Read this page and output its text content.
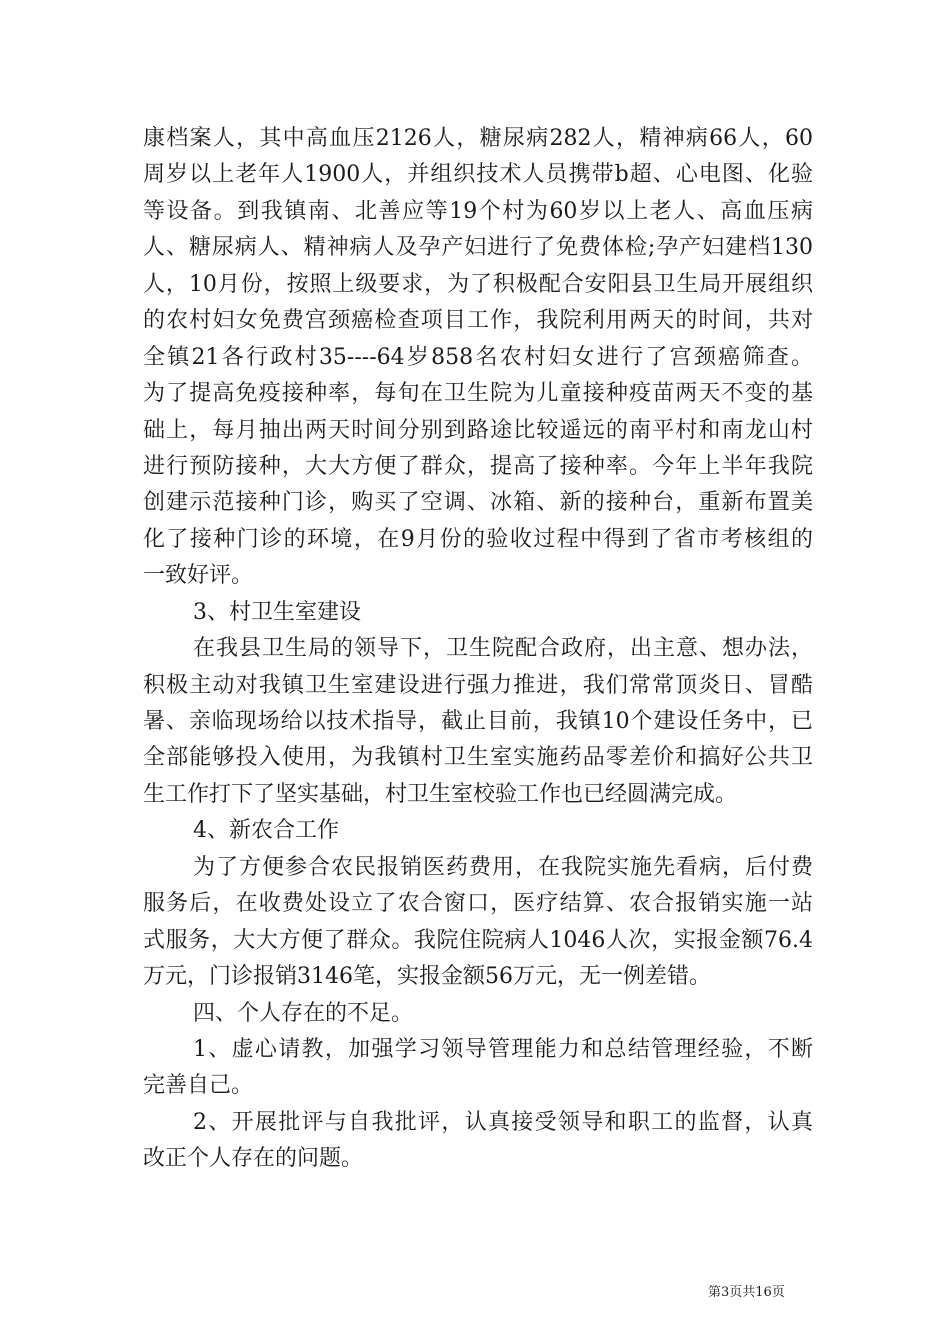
康档案人，其中高血压2126人，糖尿病282人，精神病66人，60
周岁以上老年人1900人，并组织技术人员携带b超、心电图、化验
等设备。到我镇南、北善应等19个村为60岁以上老人、高血压病
人、糖尿病人、精神病人及孕产妇进行了免费体检;孕产妇建档130
人，10月份，按照上级要求，为了积极配合安阳县卫生局开展组织
的农村妇女免费宫颈癌检查项目工作，我院利用两天的时间，共对
全镇21各行政村35----64岁858名农村妇女进行了宫颈癌筛查。
为了提高免疫接种率，每旬在卫生院为儿童接种疫苗两天不变的基
础上，每月抽出两天时间分别到路途比较遥远的南平村和南龙山村
进行预防接种，大大方便了群众，提高了接种率。今年上半年我院
创建示范接种门诊，购买了空调、冰箱、新的接种台，重新布置美
化了接种门诊的环境，在9月份的验收过程中得到了省市考核组的
一致好评。
3、村卫生室建设
在我县卫生局的领导下，卫生院配合政府，出主意、想办法，
积极主动对我镇卫生室建设进行强力推进，我们常常顶炎日、冒酷
暑、亲临现场给以技术指导，截止目前，我镇10个建设任务中，已
全部能够投入使用，为我镇村卫生室实施药品零差价和搞好公共卫
生工作打下了坚实基础，村卫生室校验工作也已经圆满完成。
4、新农合工作
为了方便参合农民报销医药费用，在我院实施先看病，后付费
服务后，在收费处设立了农合窗口，医疗结算、农合报销实施一站
式服务，大大方便了群众。我院住院病人1046人次，实报金额76.4
万元，门诊报销3146笔，实报金额56万元，无一例差错。
四、个人存在的不足。
1、虚心请教，加强学习领导管理能力和总结管理经验，不断
完善自己。
2、开展批评与自我批评，认真接受领导和职工的监督，认真
改正个人存在的问题。
第3页共16页
